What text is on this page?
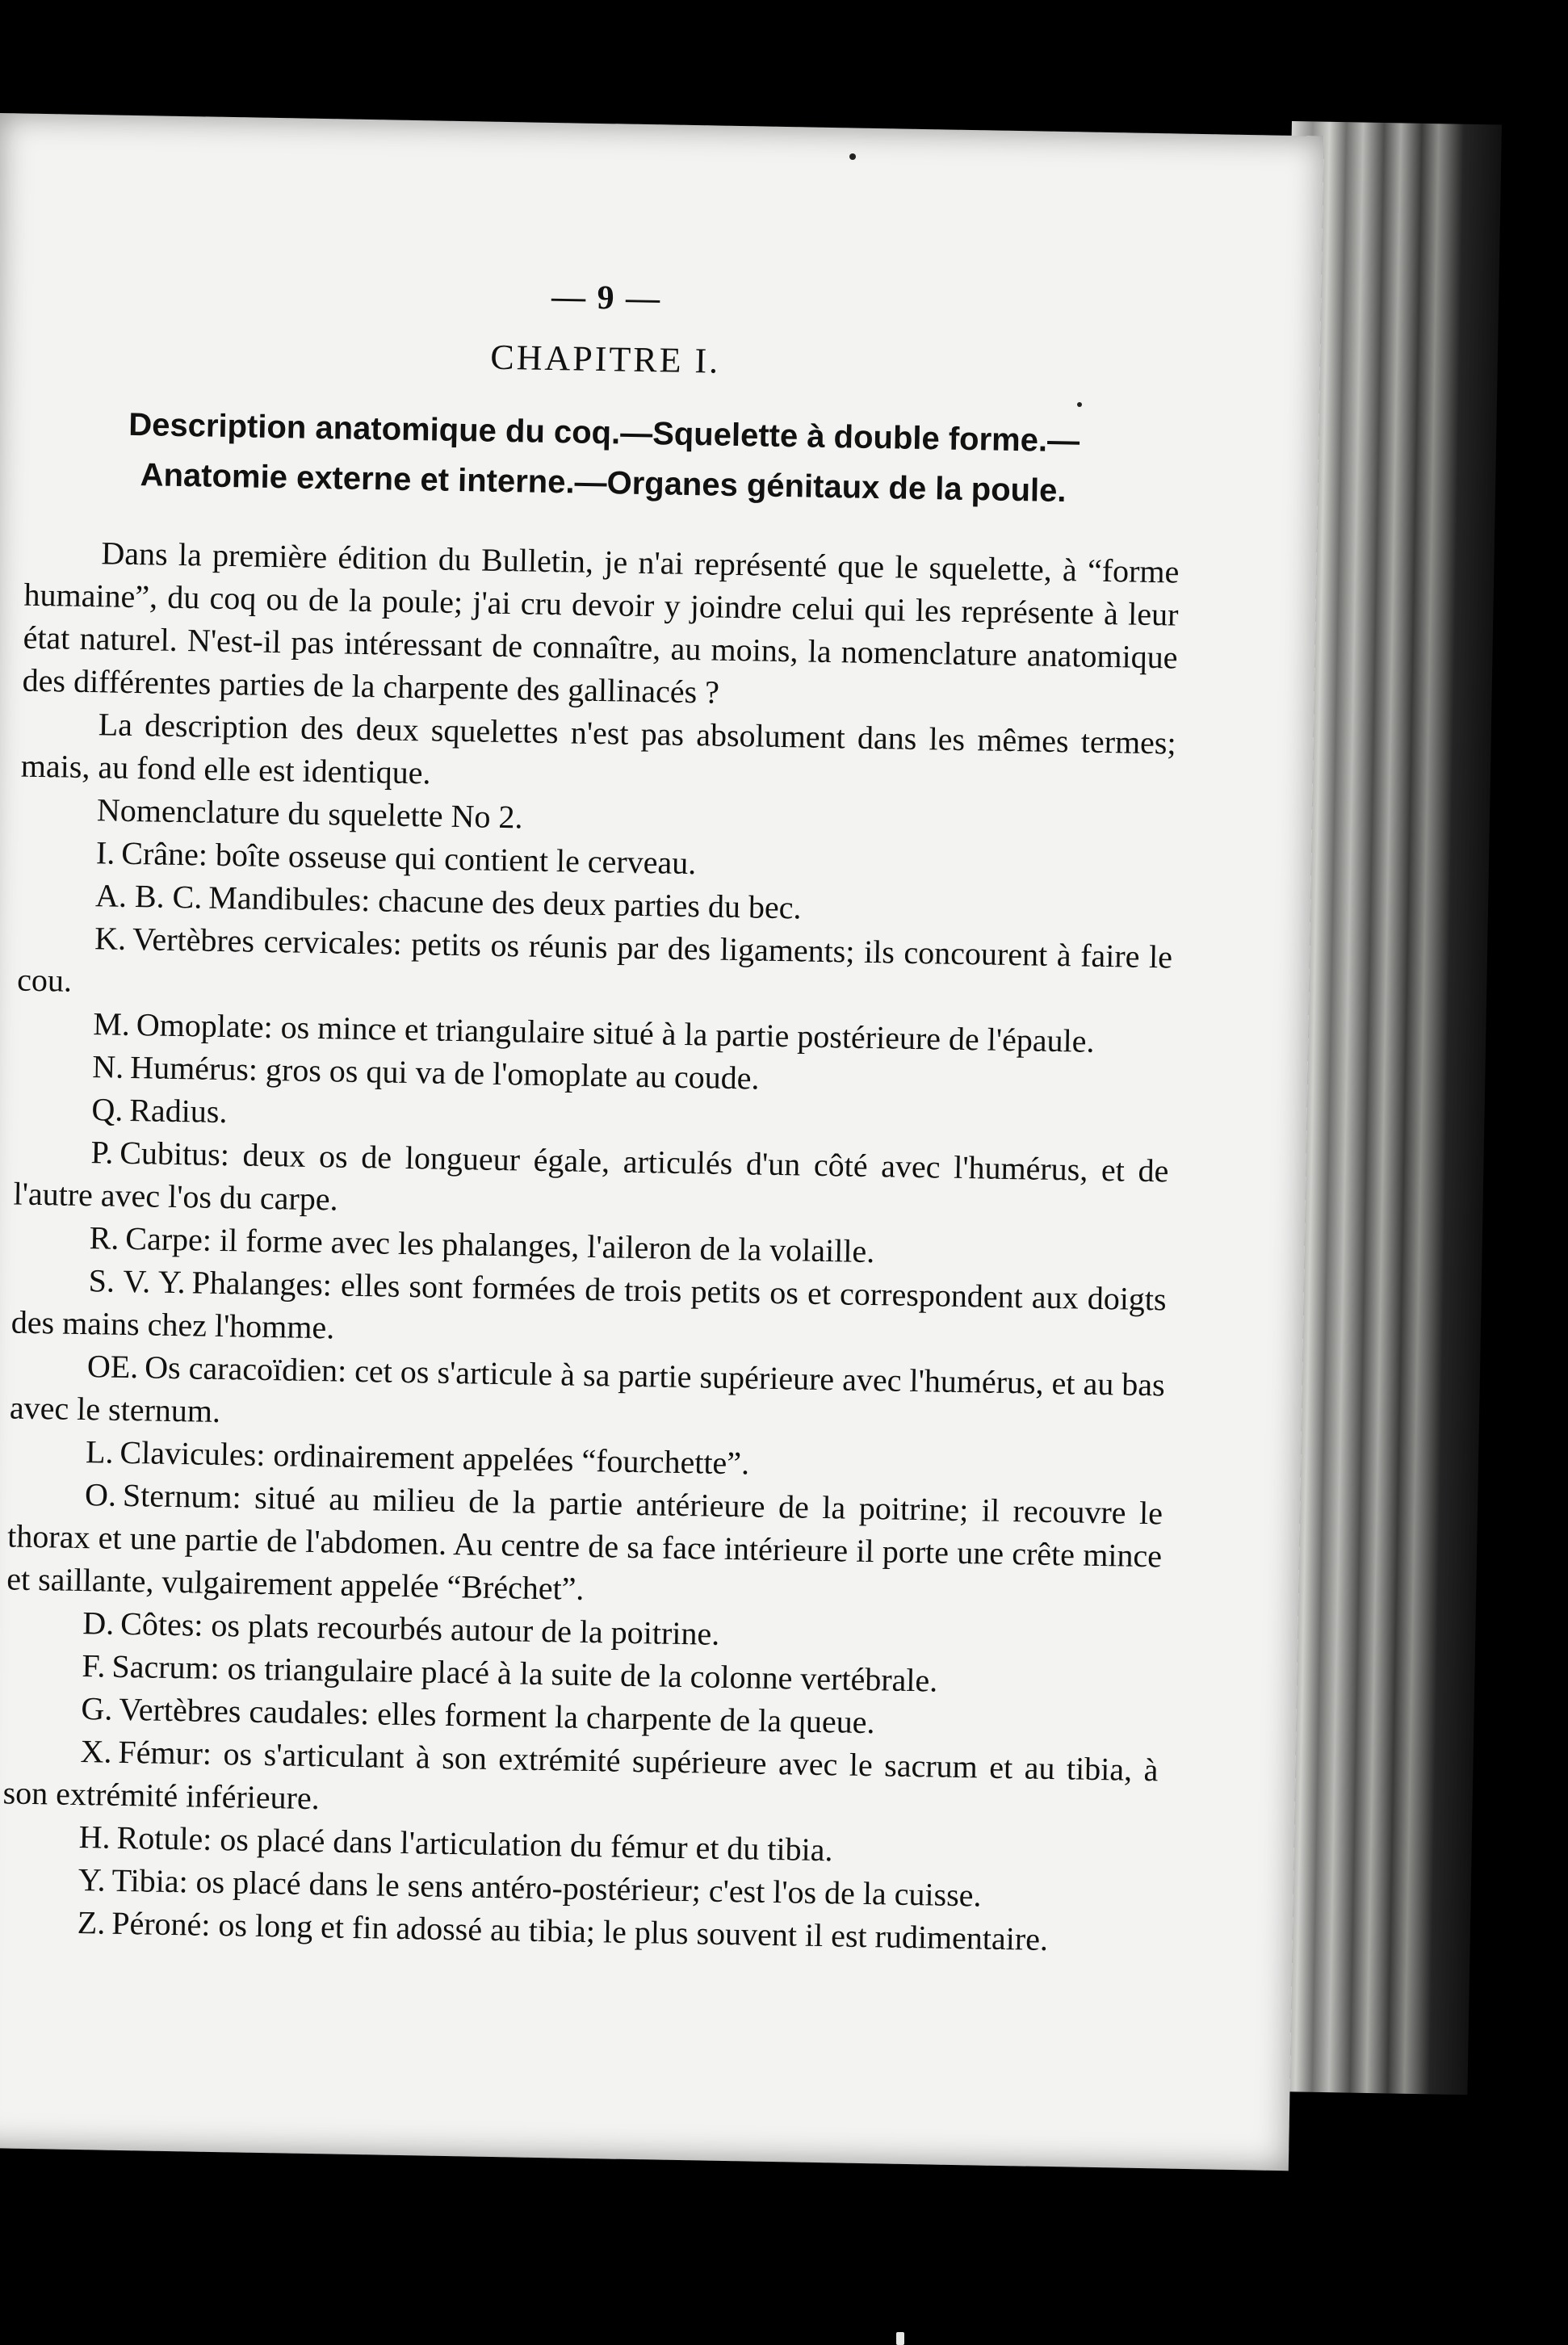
— 9 —
CHAPITRE I.
Description anatomique du coq.—Squelette à double forme.—
Anatomie externe et interne.—Organes génitaux de la poule.

Dans la première édition du Bulletin, je n'ai représenté que le squelette, à “forme humaine”, du coq ou de la poule; j'ai cru devoir y joindre celui qui les représente à leur état naturel. N'est-il pas intéressant de connaître, au moins, la nomenclature anatomique des différentes parties de la charpente des gallinacés ?

La description des deux squelettes n'est pas absolument dans les mêmes termes; mais, au fond elle est identique.

Nomenclature du squelette No 2.

I. Crâne: boîte osseuse qui contient le cerveau.

A. B. C. Mandibules: chacune des deux parties du bec.

K. Vertèbres cervicales: petits os réunis par des ligaments; ils concourent à faire le cou.

M. Omoplate: os mince et triangulaire situé à la partie postérieure de l'épaule.

N. Humérus: gros os qui va de l'omoplate au coude.

Q. Radius.

P. Cubitus: deux os de longueur égale, articulés d'un côté avec l'humérus, et de l'autre avec l'os du carpe.

R. Carpe: il forme avec les phalanges, l'aileron de la volaille.

S. V. Y. Phalanges: elles sont formées de trois petits os et correspondent aux doigts des mains chez l'homme.

OE. Os caracoïdien: cet os s'articule à sa partie supérieure avec l'humérus, et au bas avec le sternum.

L. Clavicules: ordinairement appelées “fourchette”.

O. Sternum: situé au milieu de la partie antérieure de la poitrine; il recouvre le thorax et une partie de l'abdomen. Au centre de sa face intérieure il porte une crête mince et saillante, vulgairement appelée “Bréchet”.

D. Côtes: os plats recourbés autour de la poitrine.

F. Sacrum: os triangulaire placé à la suite de la colonne vertébrale.

G. Vertèbres caudales: elles forment la charpente de la queue.

X. Fémur: os s'articulant à son extrémité supérieure avec le sacrum et au tibia, à son extrémité inférieure.

H. Rotule: os placé dans l'articulation du fémur et du tibia.

Y. Tibia: os placé dans le sens antéro-postérieur; c'est l'os de la cuisse.

Z. Péroné: os long et fin adossé au tibia; le plus souvent il est rudimentaire.
